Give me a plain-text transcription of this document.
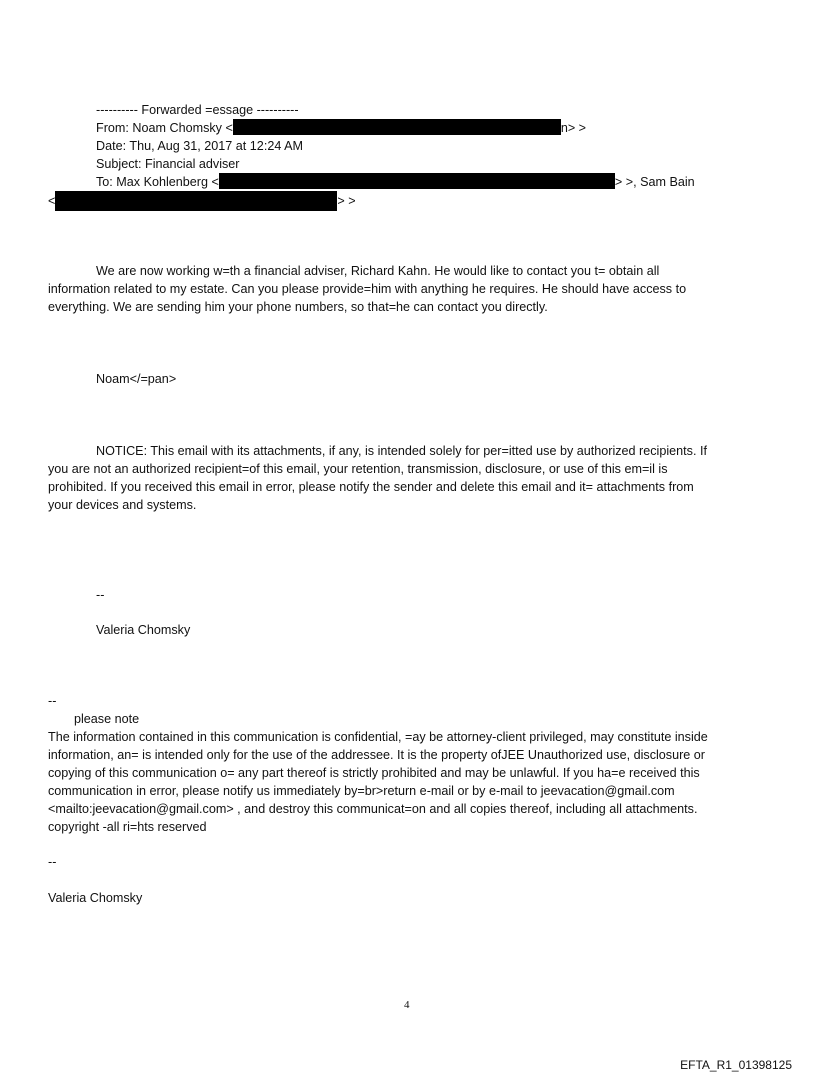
---------- Forwarded =essage ----------
From: Noam Chomsky <	n> >
Date: Thu, Aug 31, 2017 at 12:24 AM
Subject: Financial adviser
To: Max Kohlenberg <	> >, Sam Bain
<	> >
We are now working w=th a financial adviser, Richard Kahn. He would like to contact you t= obtain all
information related to my estate. Can you please provide=him with anything he requires. He should have access to
everything. We are sending him your phone numbers, so that=he can contact you directly.
Noam</=pan>
NOTICE: This email with its attachments, if any, is intended solely for per=itted use by authorized recipients. If
you are not an authorized recipient=of this email, your retention, transmission, disclosure, or use of this em=il is
prohibited. If you received this email in error, please notify the sender and delete this email and it= attachments from
your devices and systems.
--
Valeria Chomsky
--
please note
The information contained in this communication is confidential, =ay be attorney-client privileged, may constitute inside
information, an= is intended only for the use of the addressee. It is the property ofJEE Unauthorized use, disclosure or
copying of this communication o= any part thereof is strictly prohibited and may be unlawful. If you ha=e received this
communication in error, please notify us immediately by=br>return e-mail or by e-mail to jeevacation@gmail.com
<mailto:jeevacation@gmail.com> , and destroy this communicat=on and all copies thereof, including all attachments.
copyright -all ri=hts reserved
--
Valeria Chomsky
4
EFTA_R1_01398125
